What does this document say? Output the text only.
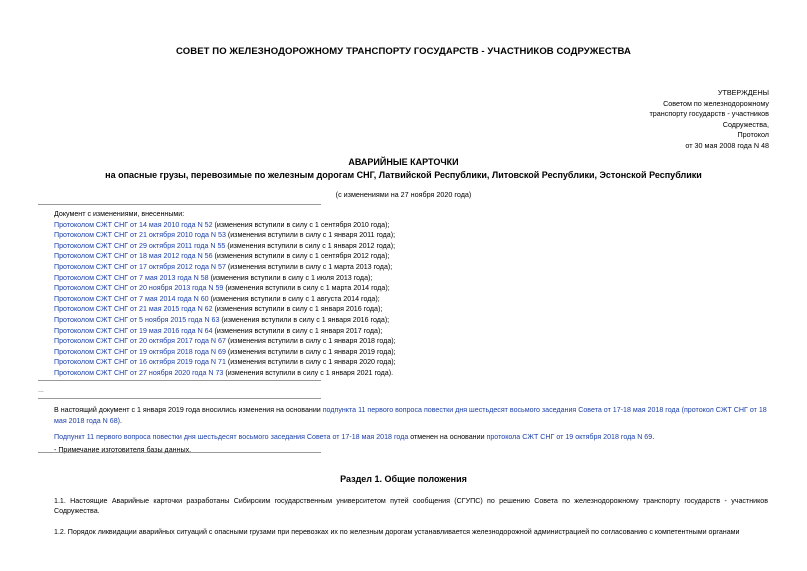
СОВЕТ ПО ЖЕЛЕЗНОДОРОЖНОМУ ТРАНСПОРТУ ГОСУДАРСТВ - УЧАСТНИКОВ СОДРУЖЕСТВА
УТВЕРЖДЕНЫ
Советом по железнодорожному
транспорту государств - участников
Содружества,
Протокол
от 30 мая 2008 года N 48
АВАРИЙНЫЕ КАРТОЧКИ
на опасные грузы, перевозимые по железным дорогам СНГ, Латвийской Республики, Литовской Республики, Эстонской Республики
(с изменениями на 27 ноября 2020 года)
Документ с изменениями, внесенными:
Протоколом СЖТ СНГ от 14 мая 2010 года N 52 (изменения вступили в силу с 1 сентября 2010 года);
Протоколом СЖТ СНГ от 21 октября 2010 года N 53 (изменения вступили в силу с 1 января 2011 года);
Протоколом СЖТ СНГ от 29 октября 2011 года N 55 (изменения вступили в силу с 1 января 2012 года);
Протоколом СЖТ СНГ от 18 мая 2012 года N 56 (изменения вступили в силу с 1 сентября 2012 года);
Протоколом СЖТ СНГ от 17 октября 2012 года N 57 (изменения вступили в силу с 1 марта 2013 года);
Протоколом СЖТ СНГ от 7 мая 2013 года N 58 (изменения вступили в силу с 1 июля 2013 года);
Протоколом СЖТ СНГ от 20 ноября 2013 года N 59 (изменения вступили в силу с 1 марта 2014 года);
Протоколом СЖТ СНГ от 7 мая 2014 года N 60 (изменения вступили в силу с 1 августа 2014 года);
Протоколом СЖТ СНГ от 21 мая 2015 года N 62 (изменения вступили в силу с 1 января 2016 года);
Протоколом СЖТ СНГ от 5 ноября 2015 года N 63 (изменения вступили в силу с 1 января 2016 года);
Протоколом СЖТ СНГ от 19 мая 2016 года N 64 (изменения вступили в силу с 1 января 2017 года);
Протоколом СЖТ СНГ от 20 октября 2017 года N 67 (изменения вступили в силу с 1 января 2018 года);
Протоколом СЖТ СНГ от 19 октября 2018 года N 69 (изменения вступили в силу с 1 января 2019 года);
Протоколом СЖТ СНГ от 16 октября 2019 года N 71 (изменения вступили в силу с 1 января 2020 года);
Протоколом СЖТ СНГ от 27 ноября 2020 года N 73 (изменения вступили в силу с 1 января 2021 года).
...

В настоящий документ с 1 января 2019 года вносились изменения на основании подпункта 11 первого вопроса повестки дня шестьдесят восьмого заседания Совета от 17-18 мая 2018 года (протокол СЖТ СНГ от 18 мая 2018 года N 68).

Подпункт 11 первого вопроса повестки дня шестьдесят восьмого заседания Совета от 17-18 мая 2018 года отменен на основании протокола СЖТ СНГ от 19 октября 2018 года N 69.

- Примечание изготовителя базы данных.

Раздел 1. Общие положения
1.1. Настоящие Аварийные карточки разработаны Сибирским государственным университетом путей сообщения (СГУПС) по решению Совета по железнодорожному транспорту государств - участников Содружества.
1.2. Порядок ликвидации аварийных ситуаций с опасными грузами при перевозках их по железным дорогам устанавливается железнодорожной администрацией по согласованию с компетентными органами
